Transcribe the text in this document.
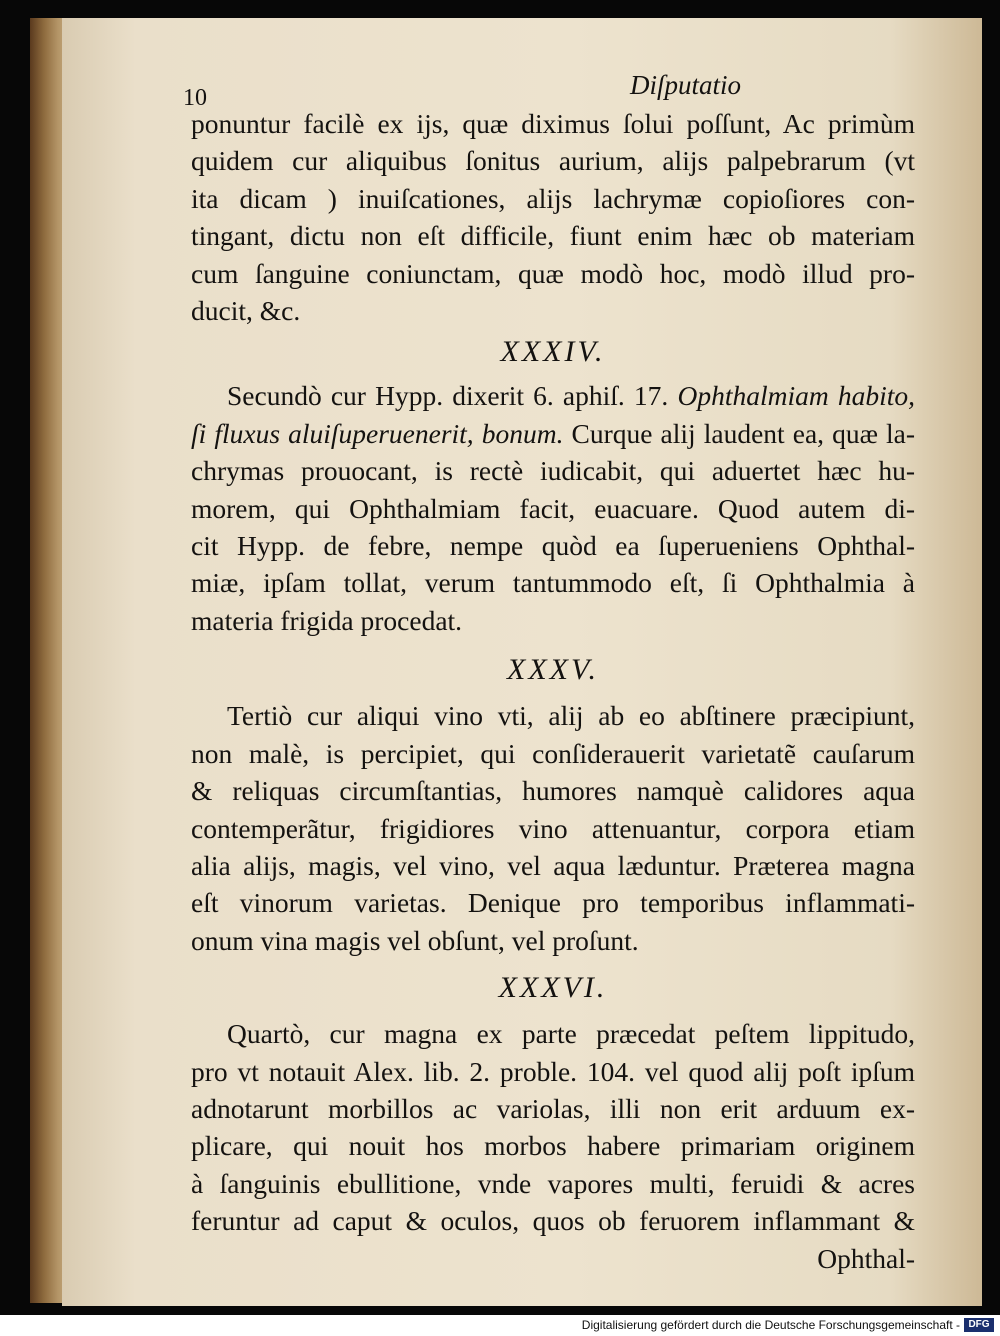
10	Diſputatio
ponuntur facilè ex ijs, quæ diximus ſolui poſſunt, Ac primùm
quidem cur aliquibus ſonitus aurium, alijs palpebrarum (vt
ita dicam ) inuiſcationes, alijs lachrymæ copioſiores con-
tingant, dictu non eſt difficile, fiunt enim hæc ob materiam
cum ſanguine coniunctam, quæ modò hoc, modò illud pro-
ducit, &c.
XXXIV.
Secundò cur Hypp. dixerit 6. aphiſ. 17. Ophthalmiam habito,
ſi fluxus aluiſuperuenerit, bonum. Curque alij laudent ea, quæ la-
chrymas prouocant, is rectè iudicabit, qui aduertet hæc hu-
morem, qui Ophthalmiam facit, euacuare. Quod autem di-
cit Hypp. de febre, nempe quòd ea ſuperueniens Ophthal-
miæ, ipſam tollat, verum tantummodo eſt, ſi Ophthalmia à
materia frigida procedat.
XXXV.
Tertiò cur aliqui vino vti, alij ab eo abſtinere præcipiunt,
non malè, is percipiet, qui conſiderauerit varietatẽ cauſarum
& reliquas circumſtantias, humores namquè calidores aqua
contemperãtur, frigidiores vino attenuantur, corpora etiam
alia alijs, magis, vel vino, vel aqua læduntur. Præterea magna
eſt vinorum varietas. Denique pro temporibus inflammati-
onum vina magis vel obſunt, vel proſunt.
XXXVI.
Quartò, cur magna ex parte præcedat peſtem lippitudo,
pro vt notauit Alex. lib. 2. proble. 104. vel quod alij poſt ipſum
adnotarunt morbillos ac variolas, illi non erit arduum ex-
plicare, qui nouit hos morbos habere primariam originem
à ſanguinis ebullitione, vnde vapores multi, feruidi & acres
feruntur ad caput & oculos, quos ob feruorem inflammant &
Ophthal-
Digitalisierung gefördert durch die Deutsche Forschungsgemeinschaft - DFG
